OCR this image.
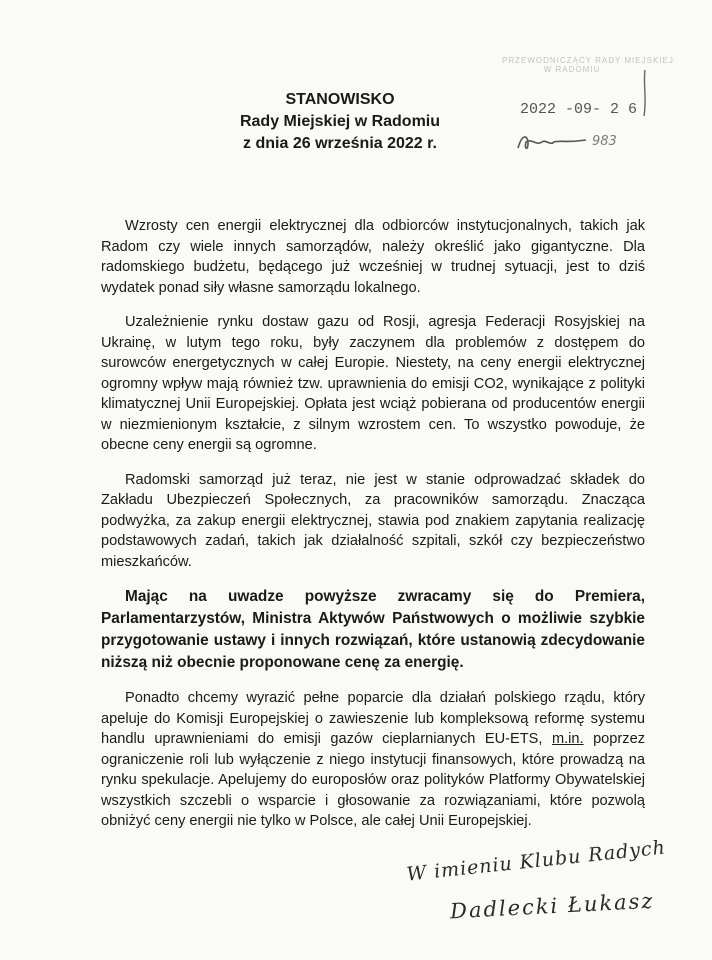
PRZEWODNICZĄCY RADY MIEJSKIEJ
W RADOMIU
2022 -09- 2 6
983
STANOWISKO
Rady Miejskiej w Radomiu
z dnia 26 września 2022 r.

Wzrosty cen energii elektrycznej dla odbiorców instytucjonalnych, takich jak Radom czy wiele innych samorządów, należy określić jako gigantyczne. Dla radomskiego budżetu, będącego już wcześniej w trudnej sytuacji, jest to dziś wydatek ponad siły własne samorządu lokalnego.

Uzależnienie rynku dostaw gazu od Rosji, agresja Federacji Rosyjskiej na Ukrainę, w lutym tego roku, były zaczynem dla problemów z dostępem do surowców energetycznych w całej Europie. Niestety, na ceny energii elektrycznej ogromny wpływ mają również tzw. uprawnienia do emisji CO2, wynikające z polityki klimatycznej Unii Europejskiej. Opłata jest wciąż pobierana od producentów energii w niezmienionym kształcie, z silnym wzrostem cen. To wszystko powoduje, że obecne ceny energii są ogromne.

Radomski samorząd już teraz, nie jest w stanie odprowadzać składek do Zakładu Ubezpieczeń Społecznych, za pracowników samorządu. Znacząca podwyżka, za zakup energii elektrycznej, stawia pod znakiem zapytania realizację podstawowych zadań, takich jak działalność szpitali, szkół czy bezpieczeństwo mieszkańców.

Mając na uwadze powyższe zwracamy się do Premiera, Parlamentarzystów, Ministra Aktywów Państwowych o możliwie szybkie przygotowanie ustawy i innych rozwiązań, które ustanowią zdecydowanie niższą niż obecnie proponowane cenę za energię.

Ponadto chcemy wyrazić pełne poparcie dla działań polskiego rządu, który apeluje do Komisji Europejskiej o zawieszenie lub kompleksową reformę systemu handlu uprawnieniami do emisji gazów cieplarnianych EU-ETS, m.in. poprzez ograniczenie roli lub wyłączenie z niego instytucji finansowych, które prowadzą na rynku spekulacje. Apelujemy do europosłów oraz polityków Platformy Obywatelskiej wszystkich szczebli o wsparcie i głosowanie za rozwiązaniami, które pozwolą obniżyć ceny energii nie tylko w Polsce, ale całej Unii Europejskiej.

W imieniu Klubu Radych
Dadlecki Łukasz
